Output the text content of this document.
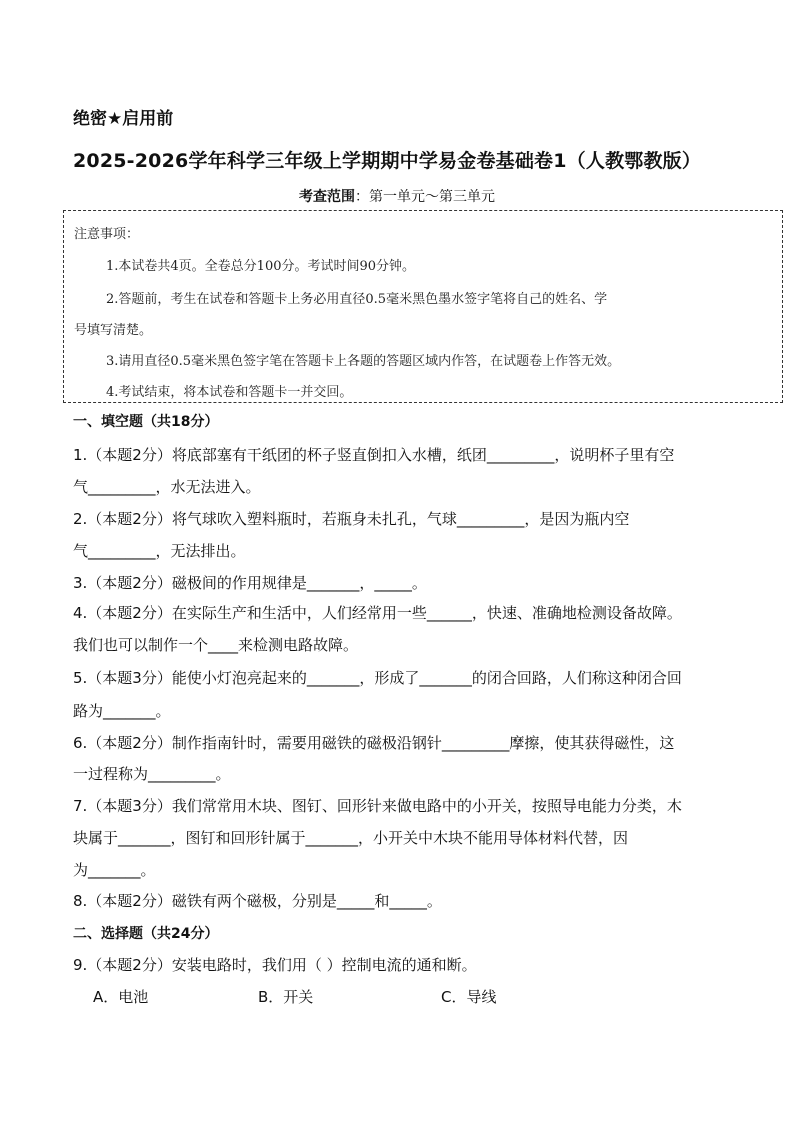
绝密★启用前
2025-2026学年科学三年级上学期期中学易金卷基础卷1（人教鄂教版）
考查范围：第一单元～第三单元
注意事项：
1.本试卷共4页。全卷总分100分。考试时间90分钟。
2.答题前，考生在试卷和答题卡上务必用直径0.5毫米黑色墨水签字笔将自己的姓名、学
号填写清楚。
3.请用直径0.5毫米黑色签字笔在答题卡上各题的答题区域内作答，在试题卷上作答无效。
4.考试结束，将本试卷和答题卡一并交回。
一、填空题（共18分）
1.（本题2分）将底部塞有干纸团的杯子竖直倒扣入水槽，纸团_________，说明杯子里有空
气_________，水无法进入。
2.（本题2分）将气球吹入塑料瓶时，若瓶身未扎孔，气球_________，是因为瓶内空
气_________，无法排出。
3.（本题2分）磁极间的作用规律是_______，_____。
4.（本题2分）在实际生产和生活中，人们经常用一些______，快速、准确地检测设备故障。
我们也可以制作一个____来检测电路故障。
5.（本题3分）能使小灯泡亮起来的_______，形成了_______的闭合回路，人们称这种闭合回
路为_______。
6.（本题2分）制作指南针时，需要用磁铁的磁极沿钢针_________摩擦，使其获得磁性，这
一过程称为_________。
7.（本题3分）我们常常用木块、图钉、回形针来做电路中的小开关，按照导电能力分类，木
块属于_______，图钉和回形针属于_______，小开关中木块不能用导体材料代替，因
为_______。
8.（本题2分）磁铁有两个磁极，分别是_____和_____。
二、选择题（共24分）
9.（本题2分）安装电路时，我们用（ ）控制电流的通和断。
A．电池	B．开关	C．导线
